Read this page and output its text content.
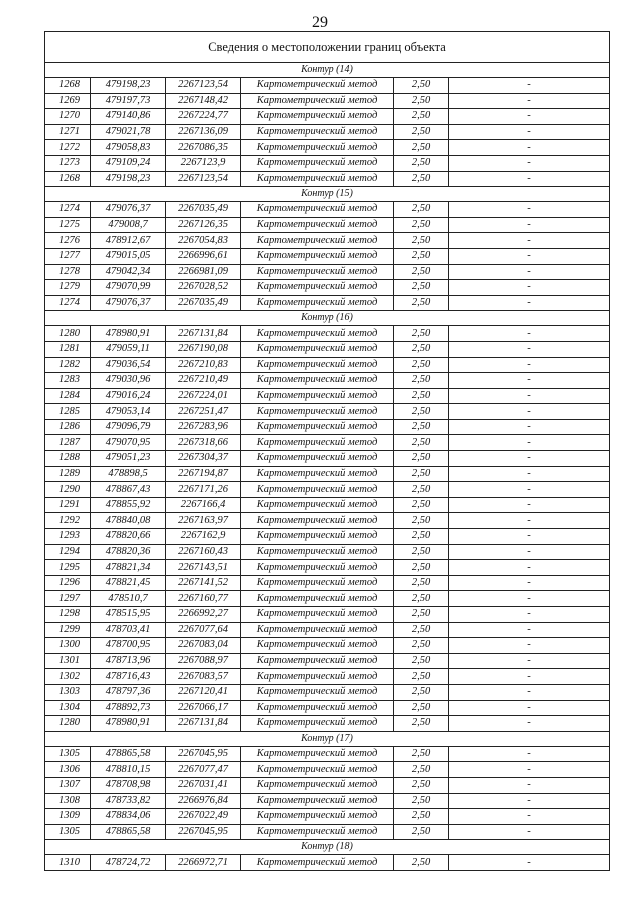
29
Сведения о местоположении границ объекта					
Контур (14)					
1268	479198,23	2267123,54	Картометрический метод	2,50	-
1269	479197,73	2267148,42	Картометрический метод	2,50	-
1270	479140,86	2267224,77	Картометрический метод	2,50	-
1271	479021,78	2267136,09	Картометрический метод	2,50	-
1272	479058,83	2267086,35	Картометрический метод	2,50	-
1273	479109,24	2267123,9	Картометрический метод	2,50	-
1268	479198,23	2267123,54	Картометрический метод	2,50	-
Контур (15)					
1274	479076,37	2267035,49	Картометрический метод	2,50	-
1275	479008,7	2267126,35	Картометрический метод	2,50	-
1276	478912,67	2267054,83	Картометрический метод	2,50	-
1277	479015,05	2266996,61	Картометрический метод	2,50	-
1278	479042,34	2266981,09	Картометрический метод	2,50	-
1279	479070,99	2267028,52	Картометрический метод	2,50	-
1274	479076,37	2267035,49	Картометрический метод	2,50	-
Контур (16)					
1280	478980,91	2267131,84	Картометрический метод	2,50	-
1281	479059,11	2267190,08	Картометрический метод	2,50	-
1282	479036,54	2267210,83	Картометрический метод	2,50	-
1283	479030,96	2267210,49	Картометрический метод	2,50	-
1284	479016,24	2267224,01	Картометрический метод	2,50	-
1285	479053,14	2267251,47	Картометрический метод	2,50	-
1286	479096,79	2267283,96	Картометрический метод	2,50	-
1287	479070,95	2267318,66	Картометрический метод	2,50	-
1288	479051,23	2267304,37	Картометрический метод	2,50	-
1289	478898,5	2267194,87	Картометрический метод	2,50	-
1290	478867,43	2267171,26	Картометрический метод	2,50	-
1291	478855,92	2267166,4	Картометрический метод	2,50	-
1292	478840,08	2267163,97	Картометрический метод	2,50	-
1293	478820,66	2267162,9	Картометрический метод	2,50	-
1294	478820,36	2267160,43	Картометрический метод	2,50	-
1295	478821,34	2267143,51	Картометрический метод	2,50	-
1296	478821,45	2267141,52	Картометрический метод	2,50	-
1297	478510,7	2267160,77	Картометрический метод	2,50	-
1298	478515,95	2266992,27	Картометрический метод	2,50	-
1299	478703,41	2267077,64	Картометрический метод	2,50	-
1300	478700,95	2267083,04	Картометрический метод	2,50	-
1301	478713,96	2267088,97	Картометрический метод	2,50	-
1302	478716,43	2267083,57	Картометрический метод	2,50	-
1303	478797,36	2267120,41	Картометрический метод	2,50	-
1304	478892,73	2267066,17	Картометрический метод	2,50	-
1280	478980,91	2267131,84	Картометрический метод	2,50	-
Контур (17)					
1305	478865,58	2267045,95	Картометрический метод	2,50	-
1306	478810,15	2267077,47	Картометрический метод	2,50	-
1307	478708,98	2267031,41	Картометрический метод	2,50	-
1308	478733,82	2266976,84	Картометрический метод	2,50	-
1309	478834,06	2267022,49	Картометрический метод	2,50	-
1305	478865,58	2267045,95	Картометрический метод	2,50	-
Контур (18)					
1310	478724,72	2266972,71	Картометрический метод	2,50	-
